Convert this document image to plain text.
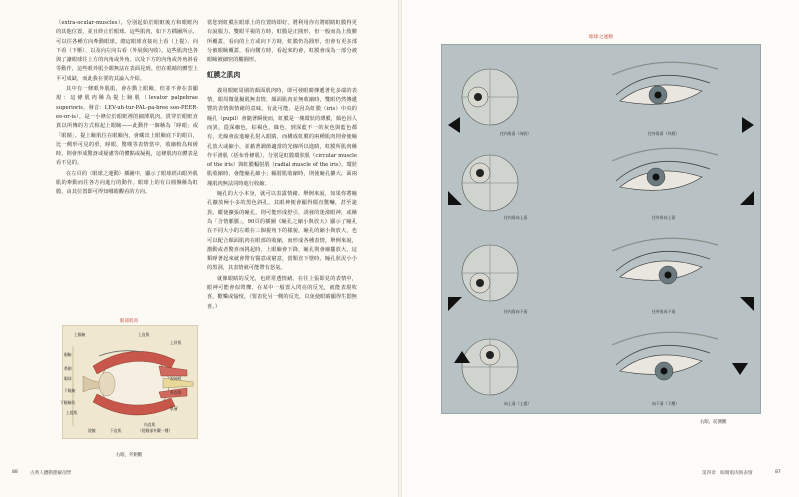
（extra-ocular-muscles），分別起始於眼眶後方和眼眶內的其他位置，並且終止於眼球。這些肌肉，如下方插圖所示，可以往各種方向牽動眼球。總這眼球直接向上看（上提）、向下看（下壓）、以及向左向右看（外展與內收）。這些肌肉也各與了讓眼球往上方的內角或外角、以及下方的內角或外角斜看等動作，這些眼外肌全都無法在表面見到。但在眼睛的體型上平可成缺，而此我在要的其論入介紹。

其中有一條眼外肌肌，會在動上眼瞼，但並不會在表顯現：這條肌肉稱為提上瞼肌（levator palpebrae superioris，發音：LEV-uh-tur-PAL-pa-bree soo-PEER-ee-or-is），是一小條位於眼眶裡的細薄肌肉。貫穿於眼眶直貫以所傳的方式相起上眼瞼——此動作一個稱為「睜眼」或「眼睛」。提上瞼肌位在眼瞼內，會藏出上眼瞼底下的眼白，比一側形可見的垂，睜眼，驚嘆等表情當中，收縮較為和緩時，則會形成驚訝或疑慮等的體點或凝視，這條肌肉在體表是看不見的。

在左頁的〈眼球之運動〉插圖中，顯示了眼球經由眼外肌肌的牽動而往各方向進行的動作。眼球上的有白圓盤稱為虹膜，由其位置即可得知哪眼觀看的方向。

當您到虹膜在眼球上的位置時即好，將利用你有將眼睛虹膜得更有說服力，雙眼平視的方時，虹膜是正圓形，但一般而為上肢臉所覆蓋，看向的上方或向下方時，虹膜仍為圓形，但會有更多部分被眼瞼覆蓋，看向側方時，看起來的會，虹膜會成為一部分被眼瞼被細密的橢圓形。

虹膜之肌肉

義用眼眶周圍的顏面肌肉時，即可發眼睛傳遞著化多端的表情，眼周微量擬肌無表情，顏面肌肉並無收縮時，雙眼仍然傳遞豐的表情與情緒的意味。有此可能，是因為虹膜（iris）中央的瞳孔（pupil）會隨著瞬使而，虹膜是一塊環狀的薄膜，顏色因人而異，從深咖色，棕褐色，綠色，到深藍不一的灰色與藍色都有，光線會流進瞳孔射入眼睛，而構成虹膜的兩種肌肉則會使瞳孔放大或縮小，並藉著調節適當的光線所以進睛，虹膜所肌肉稱作平滑肌（括布骨條肌），分別是虹膜環狀肌（circular muscle of the iris）與虹膜輻射肌（radial muscle of the iris）。環狀肌收縮時，會能瞳孔縮小；輻射肌收縮時，則使瞳孔擴大，面兩塊肌肉無法同時進行收縮。

瞳孔的大小本身，就可以表露情緒。舉例來說，如果你將瞳孔擴放極小多的黑色斜孔，其眼神便會顯得僵直驚嚇，甚至詭異。縱使擴張的瞳孔，則可能形成舒引，誘發的迷濛眼神，或稱為「含情脈脈」。90頁的插圖《瞳孔之縮小與放大》顯示了瞳孔在不同大小的左眼在三個視角下的樣貌，瞳孔的縮小與放大，也可以配合顏面肌肉在眼部的收縮，而形成各種表情，舉例來說，激動或者驚喜而挑起時，上眼瞼會下降，瞳孔則會縮攏放大，這類睜著起來就會帶有醫意或窮意，當類直下墜時，瞳孔狀況小小的黑洞，其表情就可能帶有怒氣。

就像眼睛的反光，也經常透情緒，在往上張即見的表情中，眼神可能會似閃爍，在某中一般置入閃亮的反光，就能表現吹喜，歡樂或愉悅。（要表化另一側的反光，以免使眼睛顯得生悶無喜。）

眼部肌肉
上眼瞼	上直肌
上斜肌
眼瞼
鼻側
眼球
下眼瞼
下眼瞼肌
視神經
外直肌
肌層
上提肌
淚腺	下直肌
內直肌
（從眼部外觀一種）
右眼，外側觀
眼球之運動
往內角看（內收）	往外角看（外展）
往內角向上看	往外角向上看
往內角向下看	往外角向下看
向上看（上提）	向下看（下壓）
右眼，前側觀
88	古典人體動態解剖學	第四章　眼睛肌肉與表情	87
